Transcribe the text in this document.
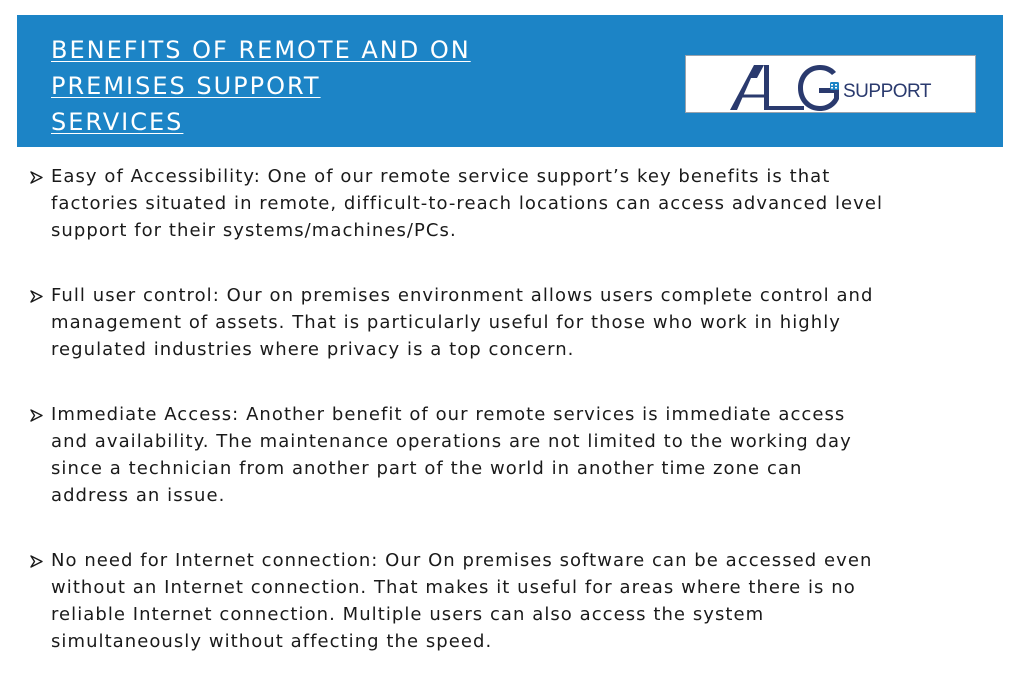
BENEFITS OF REMOTE AND ON
PREMISES SUPPORT
SERVICES
SUPPORT
Easy of Accessibility: One of our remote service support’s key benefits is that
factories situated in remote, difficult-to-reach locations can access advanced level
support for their systems/machines/PCs.
Full user control: Our on premises environment allows users complete control and
management of assets. That is particularly useful for those who work in highly
regulated industries where privacy is a top concern.
Immediate Access: Another benefit of our remote services is immediate access
and availability. The maintenance operations are not limited to the working day
since a technician from another part of the world in another time zone can
address an issue.
No need for Internet connection: Our On premises software can be accessed even
without an Internet connection. That makes it useful for areas where there is no
reliable Internet connection. Multiple users can also access the system
simultaneously without affecting the speed.
